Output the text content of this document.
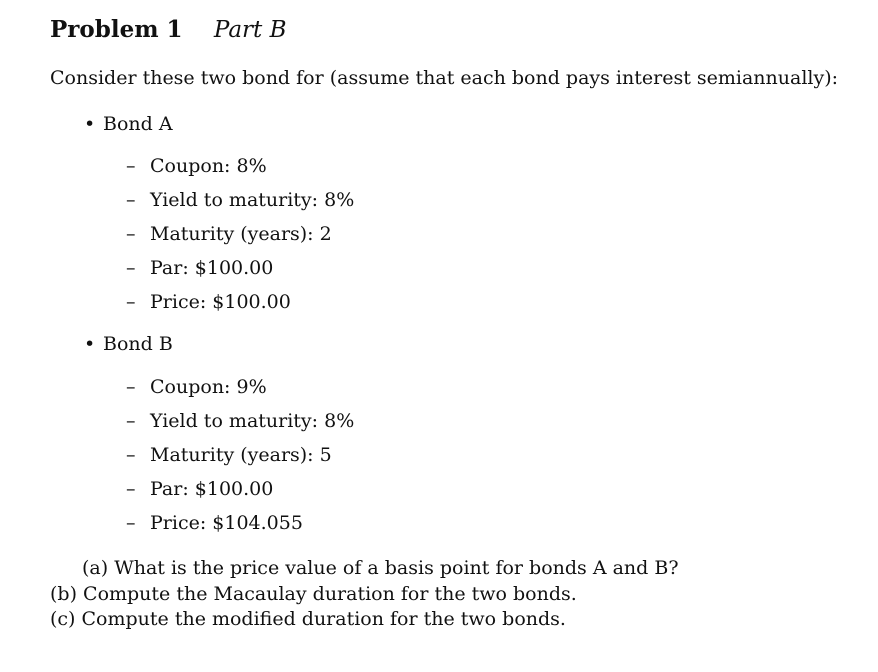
Problem 1 Part B
Consider these two bond for (assume that each bond pays interest semiannually):
• Bond A
– Coupon: 8%
– Yield to maturity: 8%
– Maturity (years): 2
– Par: $100.00
– Price: $100.00
• Bond B
– Coupon: 9%
– Yield to maturity: 8%
– Maturity (years): 5
– Par: $100.00
– Price: $104.055
(a) What is the price value of a basis point for bonds A and B?
(b) Compute the Macaulay duration for the two bonds.
(c) Compute the modified duration for the two bonds.
